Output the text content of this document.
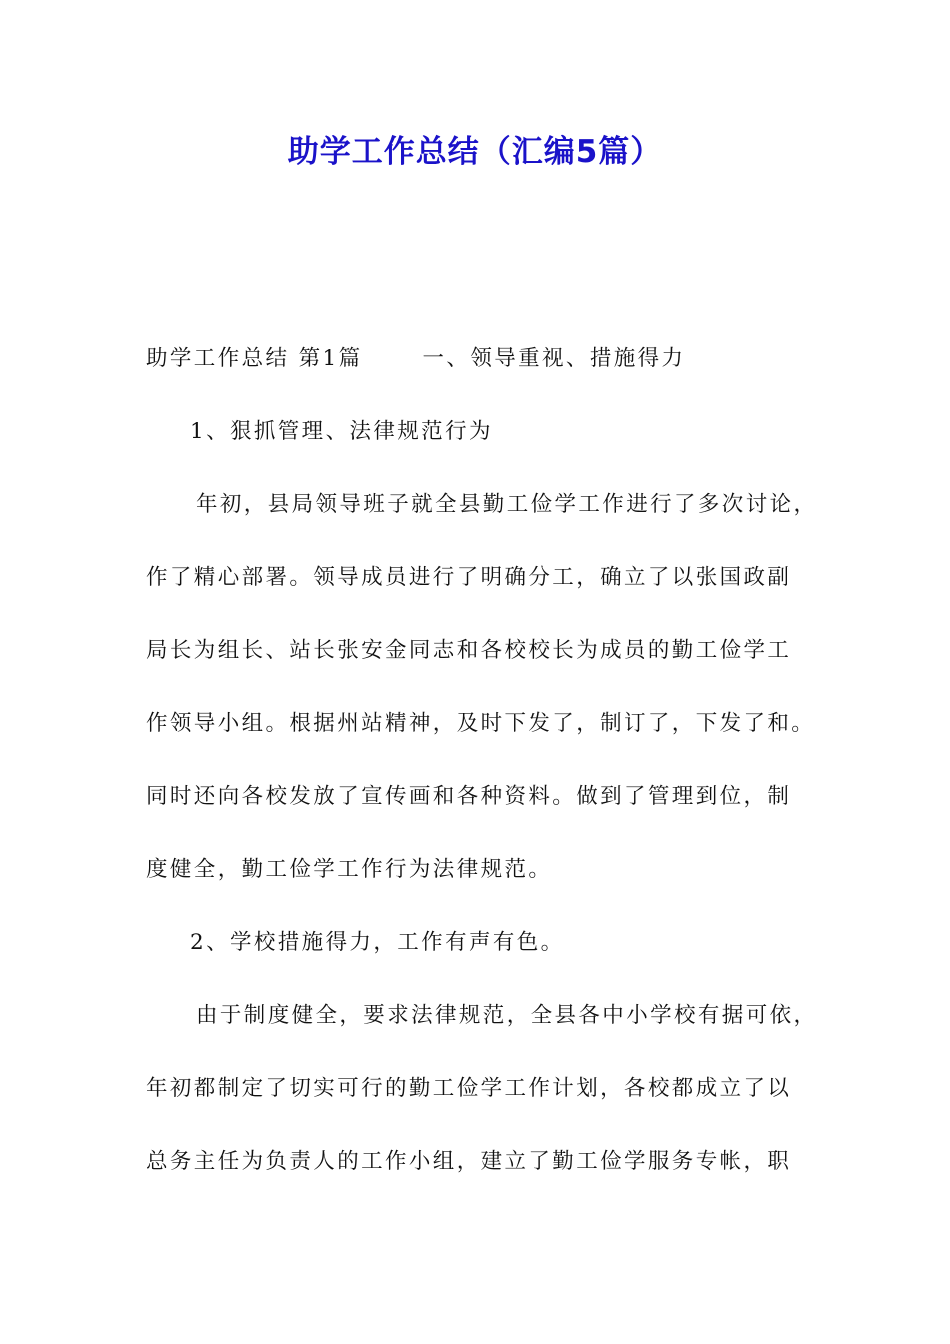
助学工作总结（汇编5篇）
助学工作总结 第1篇	一、领导重视、措施得力
1、狠抓管理、法律规范行为
年初，县局领导班子就全县勤工俭学工作进行了多次讨论，
作了精心部署。领导成员进行了明确分工，确立了以张国政副
局长为组长、站长张安金同志和各校校长为成员的勤工俭学工
作领导小组。根据州站精神，及时下发了，制订了，下发了和。
同时还向各校发放了宣传画和各种资料。做到了管理到位，制
度健全，勤工俭学工作行为法律规范。
2、学校措施得力，工作有声有色。
由于制度健全，要求法律规范，全县各中小学校有据可依，
年初都制定了切实可行的勤工俭学工作计划，各校都成立了以
总务主任为负责人的工作小组，建立了勤工俭学服务专帐，职
